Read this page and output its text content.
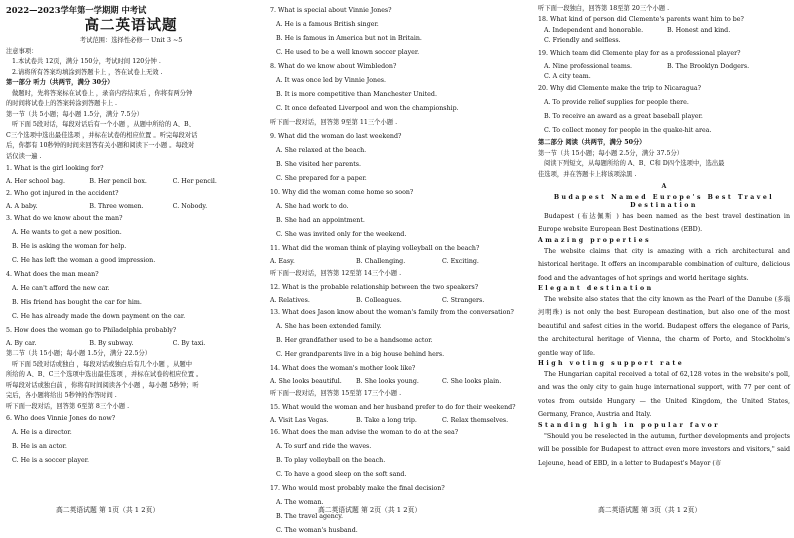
2022—2023学年第一学期期 中考试
高二英语试题
考试范围：选择性必修一 Unit 3 ~5
注意事项：
1.本试卷共 12页，满分 150分，考试时间 120分钟 .
2.请将所有答案均填涂到答题卡上 ，答在试卷上无效 .
第一部分 听力（共两节，满分 30分）
做题时，先将答案标在试卷上 ，录音内容结束后 ，你将有两分钟
的时间将试卷上的答案转涂到答题卡上 .
第一节（共 5小题；每小题 1.5分，满分 7.5分）
听下面 5段对话，每段对话后有一个小题 ，从题中所给的 A、B、
C三个选项中选出最佳选项 ，并标在试卷的相应位置 。听完每段对话
后，你都有 10秒钟的时间来回答有关小题和阅读下一小题 。每段对
话仅读一遍 .
1. What is the girl looking for?
A. Her school bag.	B. Her pencil box.	C. Her pencil.
2. Who got injured in the accident?
A. A baby.	B. Three women.	C. Nobody.
3. What do we know about the man?
A. He wants to get a new position.
B. He is asking the woman for help.
C. He has left the woman a good impression.
4. What does the man mean?
A. He can't afford the new car.
B. His friend has bought the car for him.
C. He has already made the down payment on the car.
5. How does the woman go to Philadelphia probably?
A. By car.	B. By subway.	C. By taxi.
第二节（共 15小题；每小题 1.5分，满分 22.5分）
听下面 5段对话或独白 ，每段对话或独白后有几个小题 ，从题中
所给的 A、B、C三个选项中选出最佳选项 ，并标在试卷的相应位置 。
听每段对话或独白前 ，你将有时间阅读各个小题 ，每小题 5秒钟；听
完后，各小题将给出 5秒钟的作答时间 .
听下面一段对话，回答第 6至第 8三个小题 .
6. Who does Vinnie Jones do now?
A. He is a director.
B. He is an actor.
C. He is a soccer player.
7. What is special about Vinnie Jones?
A. He is a famous British singer.
B. He is famous in America but not in Britain.
C. He used to be a well known soccer player.
8. What do we know about Wimbledon?
A. It was once led by Vinnie Jones.
B. It is more competitive than Manchester United.
C. It once defeated Liverpool and won the championship.
听下面一段对话，回答第 9至第 11三个小题 .
9. What did the woman do last weekend?
A. She relaxed at the beach.
B. She visited her parents.
C. She prepared for a paper.
10. Why did the woman come home so soon?
A. She had work to do.
B. She had an appointment.
C. She was invited only for the weekend.
11. What did the woman think of playing volleyball on the beach?
A. Easy.	B. Challenging.	C. Exciting.
听下面一段对话，回答第 12至第 14三个小题 .
12. What is the probable relationship between the two speakers?
A. Relatives.	B. Colleagues.	C. Strangers.
13. What does Jason know about the woman's family from the conversation?
A. She has been extended family.
B. Her grandfather used to be a handsome actor.
C. Her grandparents live in a big house behind hers.
14. What does the woman's mother look like?
A. She looks beautiful.	B. She looks young.	C. She looks plain.
听下面一段对话，回答第 15至第 17三个小题 .
15. What would the woman and her husband prefer to do for their weekend?
A. Visit Las Vegas.	B. Take a long trip.	C. Relax themselves.
16. What does the man advise the woman to do at the sea?
A. To surf and ride the waves.
B. To play volleyball on the beach.
C. To have a good sleep on the soft sand.
17. Who would most probably make the final decision?
A. The woman.
B. The travel agency.
C. The woman's husband.
听下面一段独白，回答第 18至第 20三个小题 .
18. What kind of person did Clemente's parents want him to be?
A. Independent and honorable.	B. Honest and kind.
C. Friendly and selfless.
19. Which team did Clemente play for as a professional player?
A. Nine professional teams.	B. The Brooklyn Dodgers.
C. A city team.
20. Why did Clemente make the trip to Nicaragua?
A. To provide relief supplies for people there.
B. To receive an award as a great baseball player.
C. To collect money for people in the quake-hit area.
第二部分 阅读（共两节，满分 50分）
第一节（共 15小题；每小题 2.5分，满分 37.5分）
阅读下列短文，从每题所给的 A、B、C和 D四个选项中，选出最
佳选项，并在答题卡上将该项涂黑 .
A
Budapest Named Europe's Best Travel Destination
Budapest (布达佩斯 ) has been named as the best travel destination in Europe website European Best Destinations (EBD).
Amazing properties
The website claims that city is amazing with a rich architectural and historical heritage. It offers an incomparable combination of culture, delicious food and the advantages of hot springs and world heritage sights.
Elegant destination
The website also states that the city known as the Pearl of the Danube (多瑙河明珠) is not only the best European destination, but also one of the most beautiful and safest cities in the world. Budapest offers the elegance of Paris, the architectural heritage of Vienna, the charm of Porto, and Stockholm's gentle way of life.
High voting support rate
The Hungarian capital received a total of 62,128 votes in the website's poll, and was the only city to gain huge international support, with 77 per cent of votes from outside Hungary — the United Kingdom, the United States, Germany, France, Austria and Italy.
Standing high in popular favor
"Should you be reselected in the autumn, further developments and projects will be possible for Budapest to attract even more investors and visitors," said Lejeune, head of EBD, in a letter to Budapest's Mayor (市
高二英语试题 第 1页（共 1 2页）	高二英语试题 第 2页（共 1 2页）	高二英语试题 第 3页（共 1 2页）
